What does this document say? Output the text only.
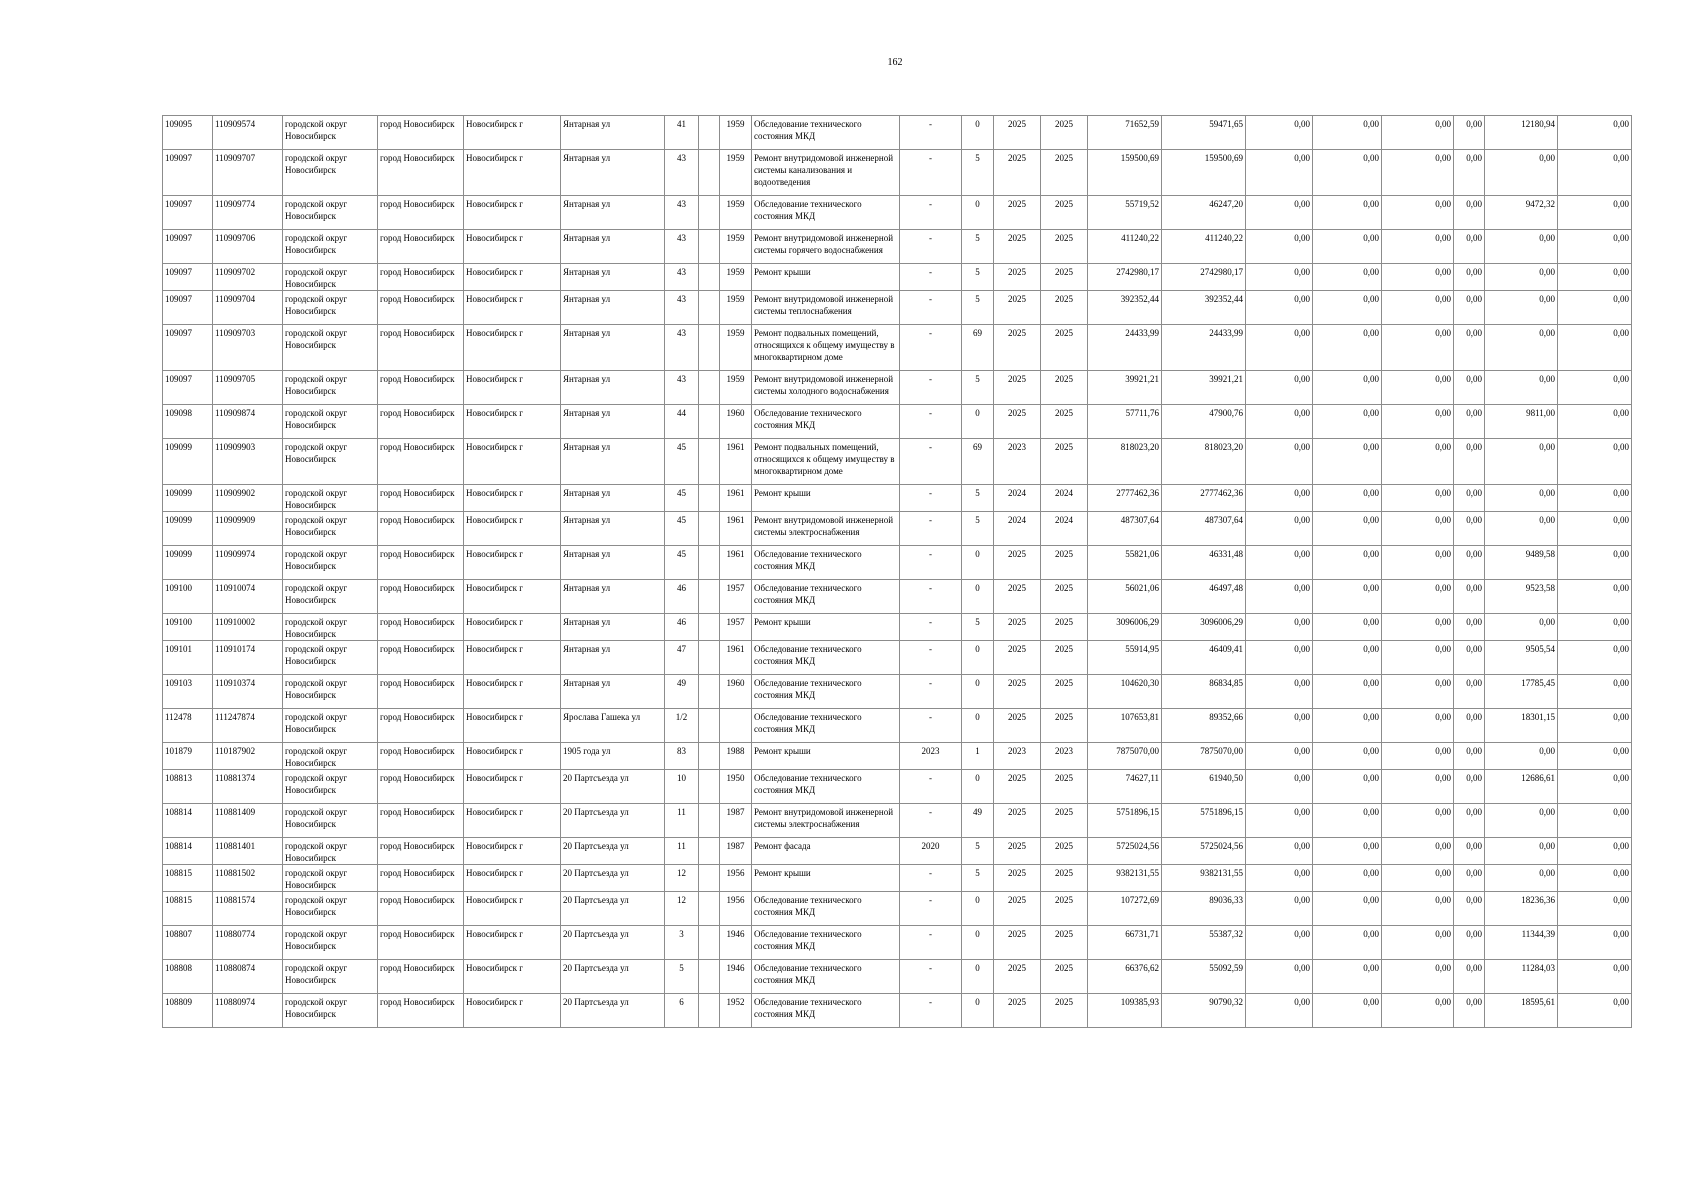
162
109095	110909574	городской округ Новосибирск	город Новосибирск	Новосибирск г	Янтарная ул	41		1959	Обследование технического состояния МКД	-	0	2025	2025	71652,59	59471,65	0,00	0,00	0,00	0,00	12180,94	0,00
109097	110909707	городской округ Новосибирск	город Новосибирск	Новосибирск г	Янтарная ул	43		1959	Ремонт внутридомовой инженерной системы канализования и водоотведения	-	5	2025	2025	159500,69	159500,69	0,00	0,00	0,00	0,00	0,00	0,00
109097	110909774	городской округ Новосибирск	город Новосибирск	Новосибирск г	Янтарная ул	43		1959	Обследование технического состояния МКД	-	0	2025	2025	55719,52	46247,20	0,00	0,00	0,00	0,00	9472,32	0,00
109097	110909706	городской округ Новосибирск	город Новосибирск	Новосибирск г	Янтарная ул	43		1959	Ремонт внутридомовой инженерной системы горячего водоснабжения	-	5	2025	2025	411240,22	411240,22	0,00	0,00	0,00	0,00	0,00	0,00
109097	110909702	городской округ Новосибирск	город Новосибирск	Новосибирск г	Янтарная ул	43		1959	Ремонт крыши	-	5	2025	2025	2742980,17	2742980,17	0,00	0,00	0,00	0,00	0,00	0,00
109097	110909704	городской округ Новосибирск	город Новосибирск	Новосибирск г	Янтарная ул	43		1959	Ремонт внутридомовой инженерной системы теплоснабжения	-	5	2025	2025	392352,44	392352,44	0,00	0,00	0,00	0,00	0,00	0,00
109097	110909703	городской округ Новосибирск	город Новосибирск	Новосибирск г	Янтарная ул	43		1959	Ремонт подвальных помещений, относящихся к общему имуществу в многоквартирном доме	-	69	2025	2025	24433,99	24433,99	0,00	0,00	0,00	0,00	0,00	0,00
109097	110909705	городской округ Новосибирск	город Новосибирск	Новосибирск г	Янтарная ул	43		1959	Ремонт внутридомовой инженерной системы холодного водоснабжения	-	5	2025	2025	39921,21	39921,21	0,00	0,00	0,00	0,00	0,00	0,00
109098	110909874	городской округ Новосибирск	город Новосибирск	Новосибирск г	Янтарная ул	44		1960	Обследование технического состояния МКД	-	0	2025	2025	57711,76	47900,76	0,00	0,00	0,00	0,00	9811,00	0,00
109099	110909903	городской округ Новосибирск	город Новосибирск	Новосибирск г	Янтарная ул	45		1961	Ремонт подвальных помещений, относящихся к общему имуществу в многоквартирном доме	-	69	2023	2025	818023,20	818023,20	0,00	0,00	0,00	0,00	0,00	0,00
109099	110909902	городской округ Новосибирск	город Новосибирск	Новосибирск г	Янтарная ул	45		1961	Ремонт крыши	-	5	2024	2024	2777462,36	2777462,36	0,00	0,00	0,00	0,00	0,00	0,00
109099	110909909	городской округ Новосибирск	город Новосибирск	Новосибирск г	Янтарная ул	45		1961	Ремонт внутридомовой инженерной системы электроснабжения	-	5	2024	2024	487307,64	487307,64	0,00	0,00	0,00	0,00	0,00	0,00
109099	110909974	городской округ Новосибирск	город Новосибирск	Новосибирск г	Янтарная ул	45		1961	Обследование технического состояния МКД	-	0	2025	2025	55821,06	46331,48	0,00	0,00	0,00	0,00	9489,58	0,00
109100	110910074	городской округ Новосибирск	город Новосибирск	Новосибирск г	Янтарная ул	46		1957	Обследование технического состояния МКД	-	0	2025	2025	56021,06	46497,48	0,00	0,00	0,00	0,00	9523,58	0,00
109100	110910002	городской округ Новосибирск	город Новосибирск	Новосибирск г	Янтарная ул	46		1957	Ремонт крыши	-	5	2025	2025	3096006,29	3096006,29	0,00	0,00	0,00	0,00	0,00	0,00
109101	110910174	городской округ Новосибирск	город Новосибирск	Новосибирск г	Янтарная ул	47		1961	Обследование технического состояния МКД	-	0	2025	2025	55914,95	46409,41	0,00	0,00	0,00	0,00	9505,54	0,00
109103	110910374	городской округ Новосибирск	город Новосибирск	Новосибирск г	Янтарная ул	49		1960	Обследование технического состояния МКД	-	0	2025	2025	104620,30	86834,85	0,00	0,00	0,00	0,00	17785,45	0,00
112478	111247874	городской округ Новосибирск	город Новосибирск	Новосибирск г	Ярослава Гашека ул	1/2			Обследование технического состояния МКД	-	0	2025	2025	107653,81	89352,66	0,00	0,00	0,00	0,00	18301,15	0,00
101879	110187902	городской округ Новосибирск	город Новосибирск	Новосибирск г	1905 года ул	83		1988	Ремонт крыши	2023	1	2023	2023	7875070,00	7875070,00	0,00	0,00	0,00	0,00	0,00	0,00
108813	110881374	городской округ Новосибирск	город Новосибирск	Новосибирск г	20 Партсъезда ул	10		1950	Обследование технического состояния МКД	-	0	2025	2025	74627,11	61940,50	0,00	0,00	0,00	0,00	12686,61	0,00
108814	110881409	городской округ Новосибирск	город Новосибирск	Новосибирск г	20 Партсъезда ул	11		1987	Ремонт внутридомовой инженерной системы электроснабжения	-	49	2025	2025	5751896,15	5751896,15	0,00	0,00	0,00	0,00	0,00	0,00
108814	110881401	городской округ Новосибирск	город Новосибирск	Новосибирск г	20 Партсъезда ул	11		1987	Ремонт фасада	2020	5	2025	2025	5725024,56	5725024,56	0,00	0,00	0,00	0,00	0,00	0,00
108815	110881502	городской округ Новосибирск	город Новосибирск	Новосибирск г	20 Партсъезда ул	12		1956	Ремонт крыши	-	5	2025	2025	9382131,55	9382131,55	0,00	0,00	0,00	0,00	0,00	0,00
108815	110881574	городской округ Новосибирск	город Новосибирск	Новосибирск г	20 Партсъезда ул	12		1956	Обследование технического состояния МКД	-	0	2025	2025	107272,69	89036,33	0,00	0,00	0,00	0,00	18236,36	0,00
108807	110880774	городской округ Новосибирск	город Новосибирск	Новосибирск г	20 Партсъезда ул	3		1946	Обследование технического состояния МКД	-	0	2025	2025	66731,71	55387,32	0,00	0,00	0,00	0,00	11344,39	0,00
108808	110880874	городской округ Новосибирск	город Новосибирск	Новосибирск г	20 Партсъезда ул	5		1946	Обследование технического состояния МКД	-	0	2025	2025	66376,62	55092,59	0,00	0,00	0,00	0,00	11284,03	0,00
108809	110880974	городской округ Новосибирск	город Новосибирск	Новосибирск г	20 Партсъезда ул	6		1952	Обследование технического состояния МКД	-	0	2025	2025	109385,93	90790,32	0,00	0,00	0,00	0,00	18595,61	0,00
